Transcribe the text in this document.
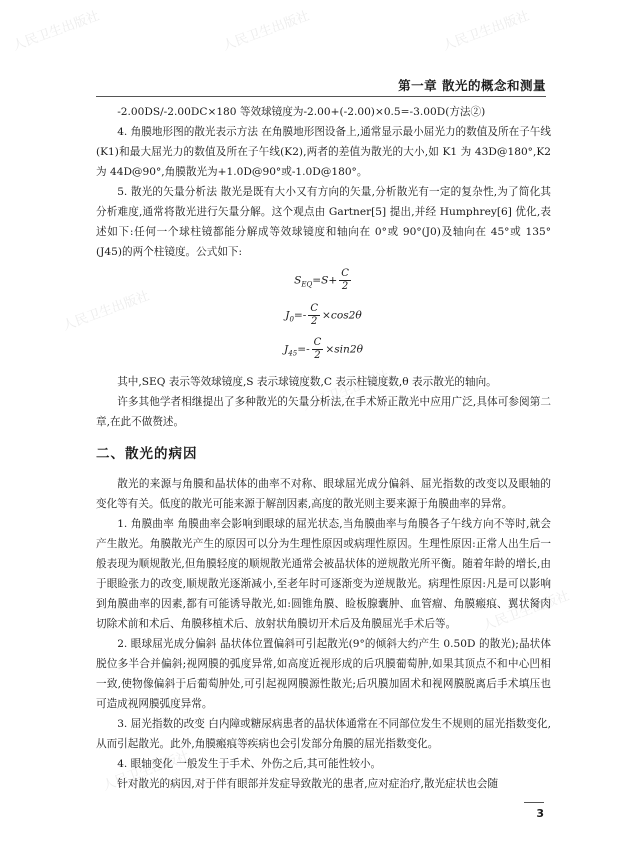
人民卫生出版社	人民卫生出版社	人民卫生出版社
人民卫生出版社
人民卫生出版社
人民卫生出版社
人民卫生出版社
第一章 散光的概念和测量

-2.00DS/-2.00DC×180 等效球镜度为-2.00+(-2.00)×0.5=-3.00D(方法②)

4. 角膜地形图的散光表示方法 在角膜地形图设备上,通常显示最小屈光力的数值及所在子午线(K1)和最大屈光力的数值及所在子午线(K2),两者的差值为散光的大小,如 K1 为 43D@180°,K2 为 44D@90°,角膜散光为+1.0D@90°或-1.0D@180°。

5. 散光的矢量分析法 散光是既有大小又有方向的矢量,分析散光有一定的复杂性,为了简化其分析难度,通常将散光进行矢量分解。这个观点由 Gartner[5] 提出,并经 Humphrey[6] 优化,表述如下:任何一个球柱镜都能分解成等效球镜度和轴向在 0°或 90°(J0)及轴向在 45°或 135°(J45)的两个柱镜度。公式如下:

$S_{EQ}=S+ \frac{C}{2}$
$J_0=- \frac{C}{2} \times\cos 2\theta$
$J_{45}=- \frac{C}{2} \times\sin 2\theta$

其中,SEQ 表示等效球镜度,S 表示球镜度数,C 表示柱镜度数,θ 表示散光的轴向。

许多其他学者相继提出了多种散光的矢量分析法,在手术矫正散光中应用广泛,具体可参阅第二章,在此不做赘述。

二、散光的病因

散光的来源与角膜和晶状体的曲率不对称、眼球屈光成分偏斜、屈光指数的改变以及眼轴的变化等有关。低度的散光可能来源于解剖因素,高度的散光则主要来源于角膜曲率的异常。

1. 角膜曲率 角膜曲率会影响到眼球的屈光状态,当角膜曲率与角膜各子午线方向不等时,就会产生散光。角膜散光产生的原因可以分为生理性原因或病理性原因。生理性原因:正常人出生后一般表现为顺规散光,但角膜轻度的顺规散光通常会被晶状体的逆规散光所平衡。随着年龄的增长,由于眼睑张力的改变,顺规散光逐渐减小,至老年时可逐渐变为逆规散光。病理性原因:凡是可以影响到角膜曲率的因素,都有可能诱导散光,如:圆锥角膜、睑板腺囊肿、血管瘤、角膜瘢痕、翼状胬肉切除术前和术后、角膜移植术后、放射状角膜切开术后及角膜屈光手术后等。

2. 眼球屈光成分偏斜 晶状体位置偏斜可引起散光(9°的倾斜大约产生 0.50D 的散光);晶状体脱位多半合并偏斜;视网膜的弧度异常,如高度近视形成的后巩膜葡萄肿,如果其顶点不和中心凹相一致,使物像偏斜于后葡萄肿处,可引起视网膜源性散光;后巩膜加固术和视网膜脱离后手术填压也可造成视网膜弧度异常。

3. 屈光指数的改变 白内障或糖尿病患者的晶状体通常在不同部位发生不规则的屈光指数变化,从而引起散光。此外,角膜瘢痕等疾病也会引发部分角膜的屈光指数变化。

4. 眼轴变化 一般发生于手术、外伤之后,其可能性较小。

针对散光的病因,对于伴有眼部并发症导致散光的患者,应对症治疗,散光症状也会随

3
